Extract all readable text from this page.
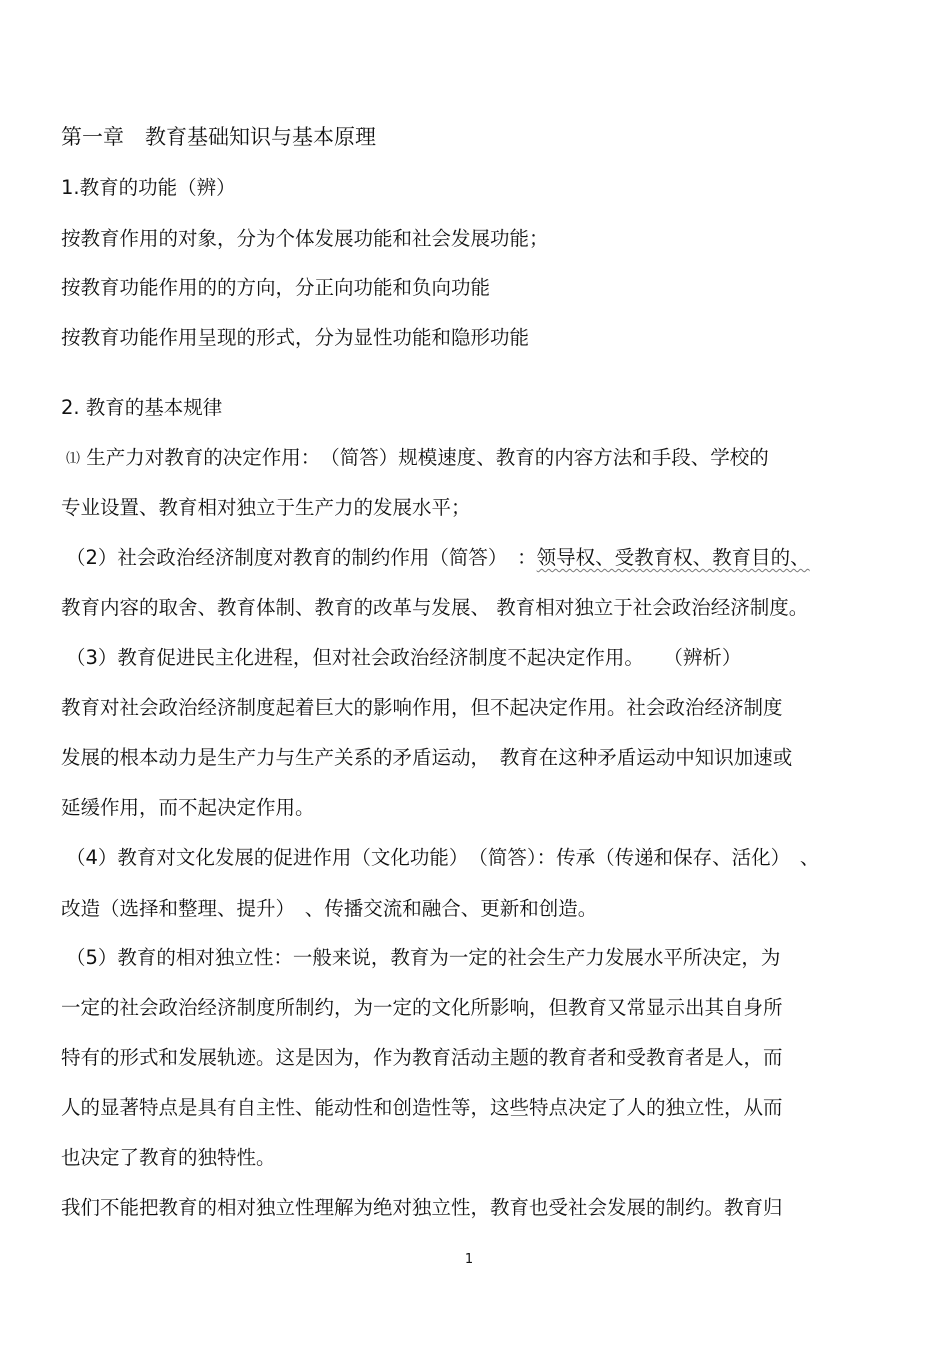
第一章　教育基础知识与基本原理
1.教育的功能（辨）
按教育作用的对象，分为个体发展功能和社会发展功能；
按教育功能作用的的方向，分正向功能和负向功能
按教育功能作用呈现的形式，分为显性功能和隐形功能
2. 教育的基本规律
⑴ 生产力对教育的决定作用：　（简答）规模速度、教育的内容方法和手段、学校的
专业设置、教育相对独立于生产力的发展水平；
（2）社会政治经济制度对教育的制约作用（简答）　：领导权、受教育权、教育目的、
教育内容的取舍、教育体制、教育的改革与发展、 教育相对独立于社会政治经济制度。
（3）教育促进民主化进程，但对社会政治经济制度不起决定作用。　　（辨析）
教育对社会政治经济制度起着巨大的影响作用，但不起决定作用。社会政治经济制度
发展的根本动力是生产力与生产关系的矛盾运动，　教育在这种矛盾运动中知识加速或
延缓作用，而不起决定作用。
（4）教育对文化发展的促进作用（文化功能）　（简答）：传承（传递和保存、活化）　、
改造（选择和整理、提升）　、传播交流和融合、更新和创造。
（5）教育的相对独立性：一般来说，教育为一定的社会生产力发展水平所决定，为
一定的社会政治经济制度所制约，为一定的文化所影响，但教育又常显示出其自身所
特有的形式和发展轨迹。这是因为，作为教育活动主题的教育者和受教育者是人，而
人的显著特点是具有自主性、能动性和创造性等，这些特点决定了人的独立性，从而
也决定了教育的独特性。
我们不能把教育的相对独立性理解为绝对独立性，教育也受社会发展的制约。教育归
1
